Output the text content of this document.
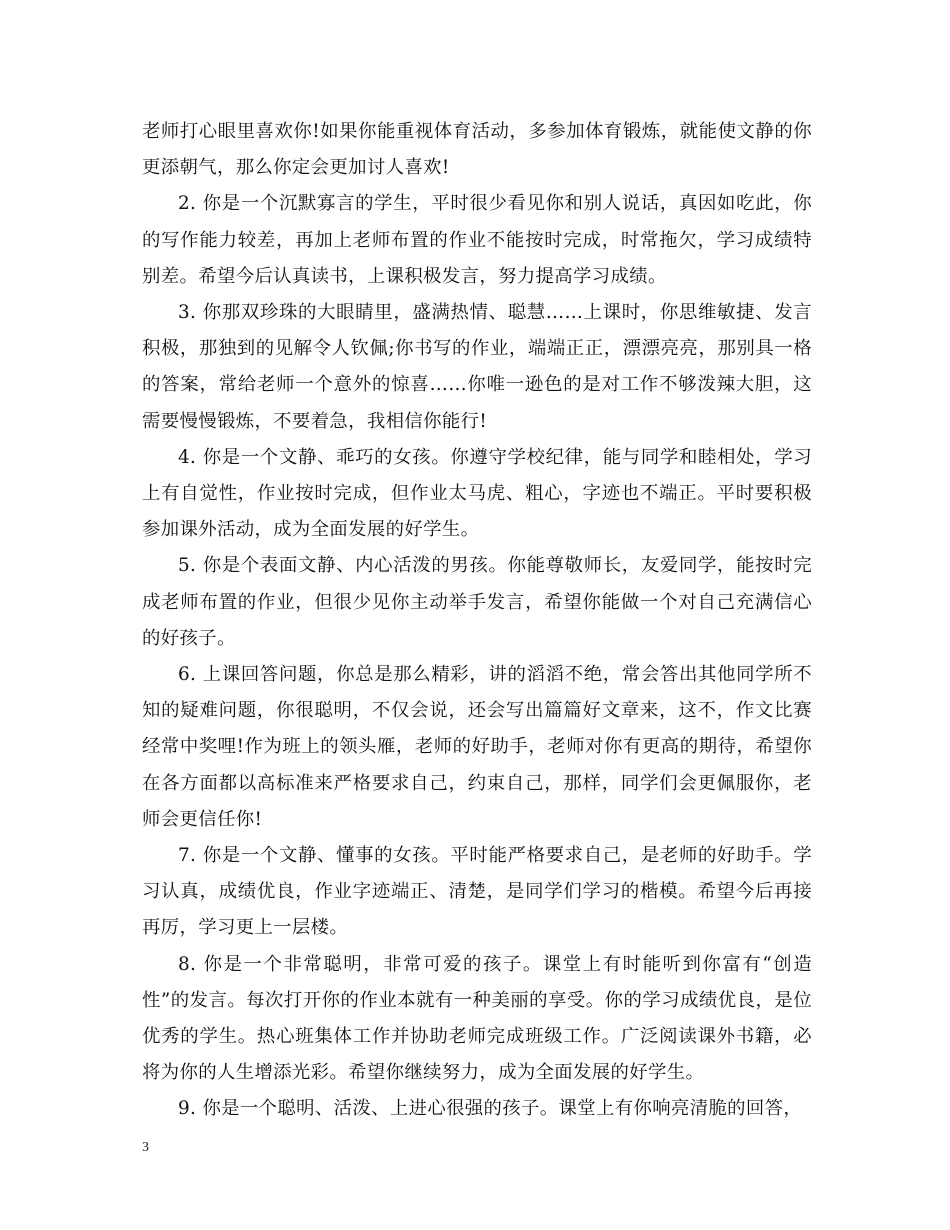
老师打心眼里喜欢你!如果你能重视体育活动，多参加体育锻炼，就能使文静的你更添朝气，那么你定会更加讨人喜欢!

2. 你是一个沉默寡言的学生，平时很少看见你和别人说话，真因如吃此，你的写作能力较差，再加上老师布置的作业不能按时完成，时常拖欠，学习成绩特别差。希望今后认真读书，上课积极发言，努力提高学习成绩。

3. 你那双珍珠的大眼睛里，盛满热情、聪慧……上课时，你思维敏捷、发言积极，那独到的见解令人钦佩;你书写的作业，端端正正，漂漂亮亮，那别具一格的答案，常给老师一个意外的惊喜……你唯一逊色的是对工作不够泼辣大胆，这需要慢慢锻炼，不要着急，我相信你能行!

4. 你是一个文静、乖巧的女孩。你遵守学校纪律，能与同学和睦相处，学习上有自觉性，作业按时完成，但作业太马虎、粗心，字迹也不端正。平时要积极参加课外活动，成为全面发展的好学生。

5. 你是个表面文静、内心活泼的男孩。你能尊敬师长，友爱同学，能按时完成老师布置的作业，但很少见你主动举手发言，希望你能做一个对自己充满信心的好孩子。

6. 上课回答问题，你总是那么精彩，讲的滔滔不绝，常会答出其他同学所不知的疑难问题，你很聪明，不仅会说，还会写出篇篇好文章来，这不，作文比赛经常中奖哩!作为班上的领头雁，老师的好助手，老师对你有更高的期待，希望你在各方面都以高标准来严格要求自己，约束自己，那样，同学们会更佩服你，老师会更信任你!

7. 你是一个文静、懂事的女孩。平时能严格要求自己，是老师的好助手。学习认真，成绩优良，作业字迹端正、清楚，是同学们学习的楷模。希望今后再接再厉，学习更上一层楼。

8. 你是一个非常聪明，非常可爱的孩子。课堂上有时能听到你富有“创造性”的发言。每次打开你的作业本就有一种美丽的享受。你的学习成绩优良，是位优秀的学生。热心班集体工作并协助老师完成班级工作。广泛阅读课外书籍，必将为你的人生增添光彩。希望你继续努力，成为全面发展的好学生。

9. 你是一个聪明、活泼、上进心很强的孩子。课堂上有你响亮清脆的回答，

3
